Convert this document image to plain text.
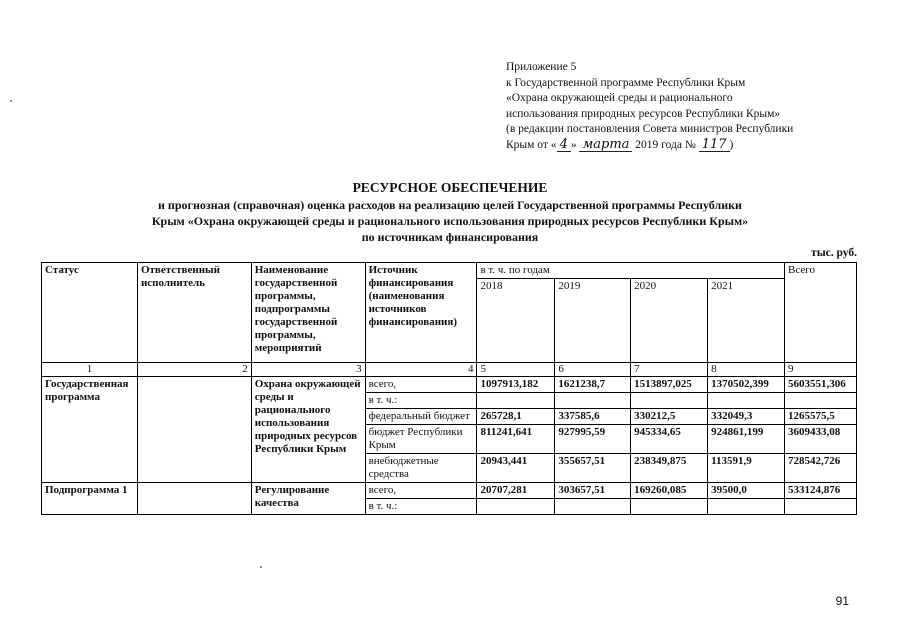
Приложение 5
к Государственной программе Республики Крым
«Охрана окружающей среды и рационального
использования природных ресурсов Республики Крым»
(в редакции постановления Совета министров Республики
Крым от « 4 » марта 2019 года № 117 )
РЕСУРСНОЕ ОБЕСПЕЧЕНИЕ
и прогнозная (справочная) оценка расходов на реализацию целей Государственной программы Республики
Крым «Охрана окружающей среды и рационального использования природных ресурсов Республики Крым»
по источникам финансирования
тыс. руб.
Статус	Ответственный исполнитель	Наименование государственной программы, подпрограммы государственной программы, мероприятий	Источник финансирования (наименования источников финансирования)	в т. ч. по годам				Всего
				2018	2019	2020	2021	
1	2	3	4	5	6	7	8	9
Государственная программа		Охрана окружающей среды и рационального использования природных ресурсов Республики Крым	всего,	1097913,182	1621238,7	1513897,025	1370502,399	5603551,306
			в т. ч.:					
			федеральный бюджет	265728,1	337585,6	330212,5	332049,3	1265575,5
			бюджет Республики Крым	811241,641	927995,59	945334,65	924861,199	3609433,08
			внебюджетные средства	20943,441	355657,51	238349,875	113591,9	728542,726
Подпрограмма 1		Регулирование качества	всего,	20707,281	303657,51	169260,085	39500,0	533124,876
			в т. ч.:					
91
